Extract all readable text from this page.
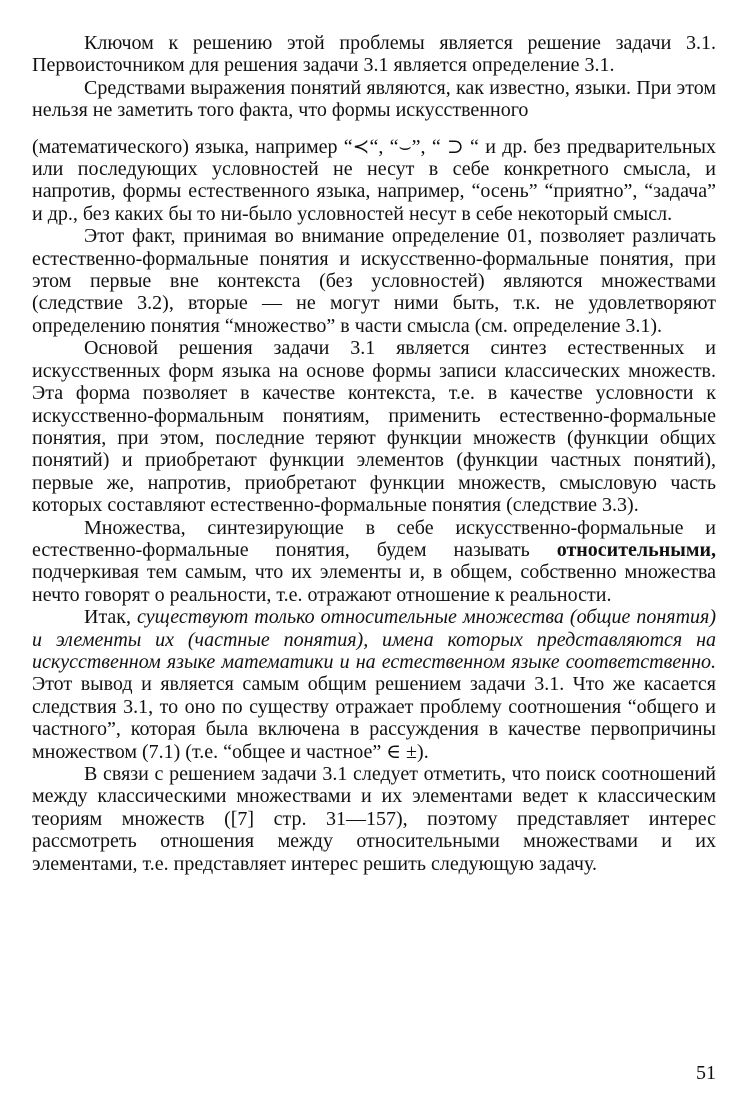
Ключом к решению этой проблемы является решение задачи 3.1. Первоисточником для решения задачи 3.1 является определение 3.1.

Средствами выражения понятий являются, как известно, языки. При этом нельзя не заметить того факта, что формы искусственного

(математического) языка, например “≺“, “⌣”, “ ⊃ “ и др. без предварительных или последующих условностей не несут в себе конкретного смысла, и напротив, формы естественного языка, например, “осень” “приятно”, “задача” и др., без каких бы то ни-было условностей несут в себе некоторый смысл.

Этот факт, принимая во внимание определение 01, позволяет различать естественно-формальные понятия и искусственно-формальные понятия, при этом первые вне контекста (без условностей) являются множествами (следствие 3.2), вторые — не могут ними быть, т.к. не удовлетворяют определению понятия “множество” в части смысла (см. определение 3.1).

Основой решения задачи 3.1 является синтез естественных и искусственных форм языка на основе формы записи классических множеств. Эта форма позволяет в качестве контекста, т.е. в качестве условности к искусственно-формальным понятиям, применить естественно-формальные понятия, при этом, последние теряют функции множеств (функции общих понятий) и приобретают функции элементов (функции частных понятий), первые же, напротив, приобретают функции множеств, смысловую часть которых составляют естественно-формальные понятия (следствие 3.3).

Множества, синтезирующие в себе искусственно-формальные и естественно-формальные понятия, будем называть относительными, подчеркивая тем самым, что их элементы и, в общем, собственно множества нечто говорят о реальности, т.е. отражают отношение к реальности.

Итак, существуют только относительные множества (общие понятия) и элементы их (частные понятия), имена которых представляются на искусственном языке математики и на естественном языке соответственно. Этот вывод и является самым общим решением задачи 3.1. Что же касается следствия 3.1, то оно по существу отражает проблему соотношения “общего и частного”, которая была включена в рассуждения в качестве первопричины множеством (7.1) (т.е. “общее и частное” ∈ ±).

В связи с решением задачи 3.1 следует отметить, что поиск соотношений между классическими множествами и их элементами ведет к классическим теориям множеств ([7] стр. 31—157), поэтому представляет интерес рассмотреть отношения между относительными множествами и их элементами, т.е. представляет интерес решить следующую задачу.

51
